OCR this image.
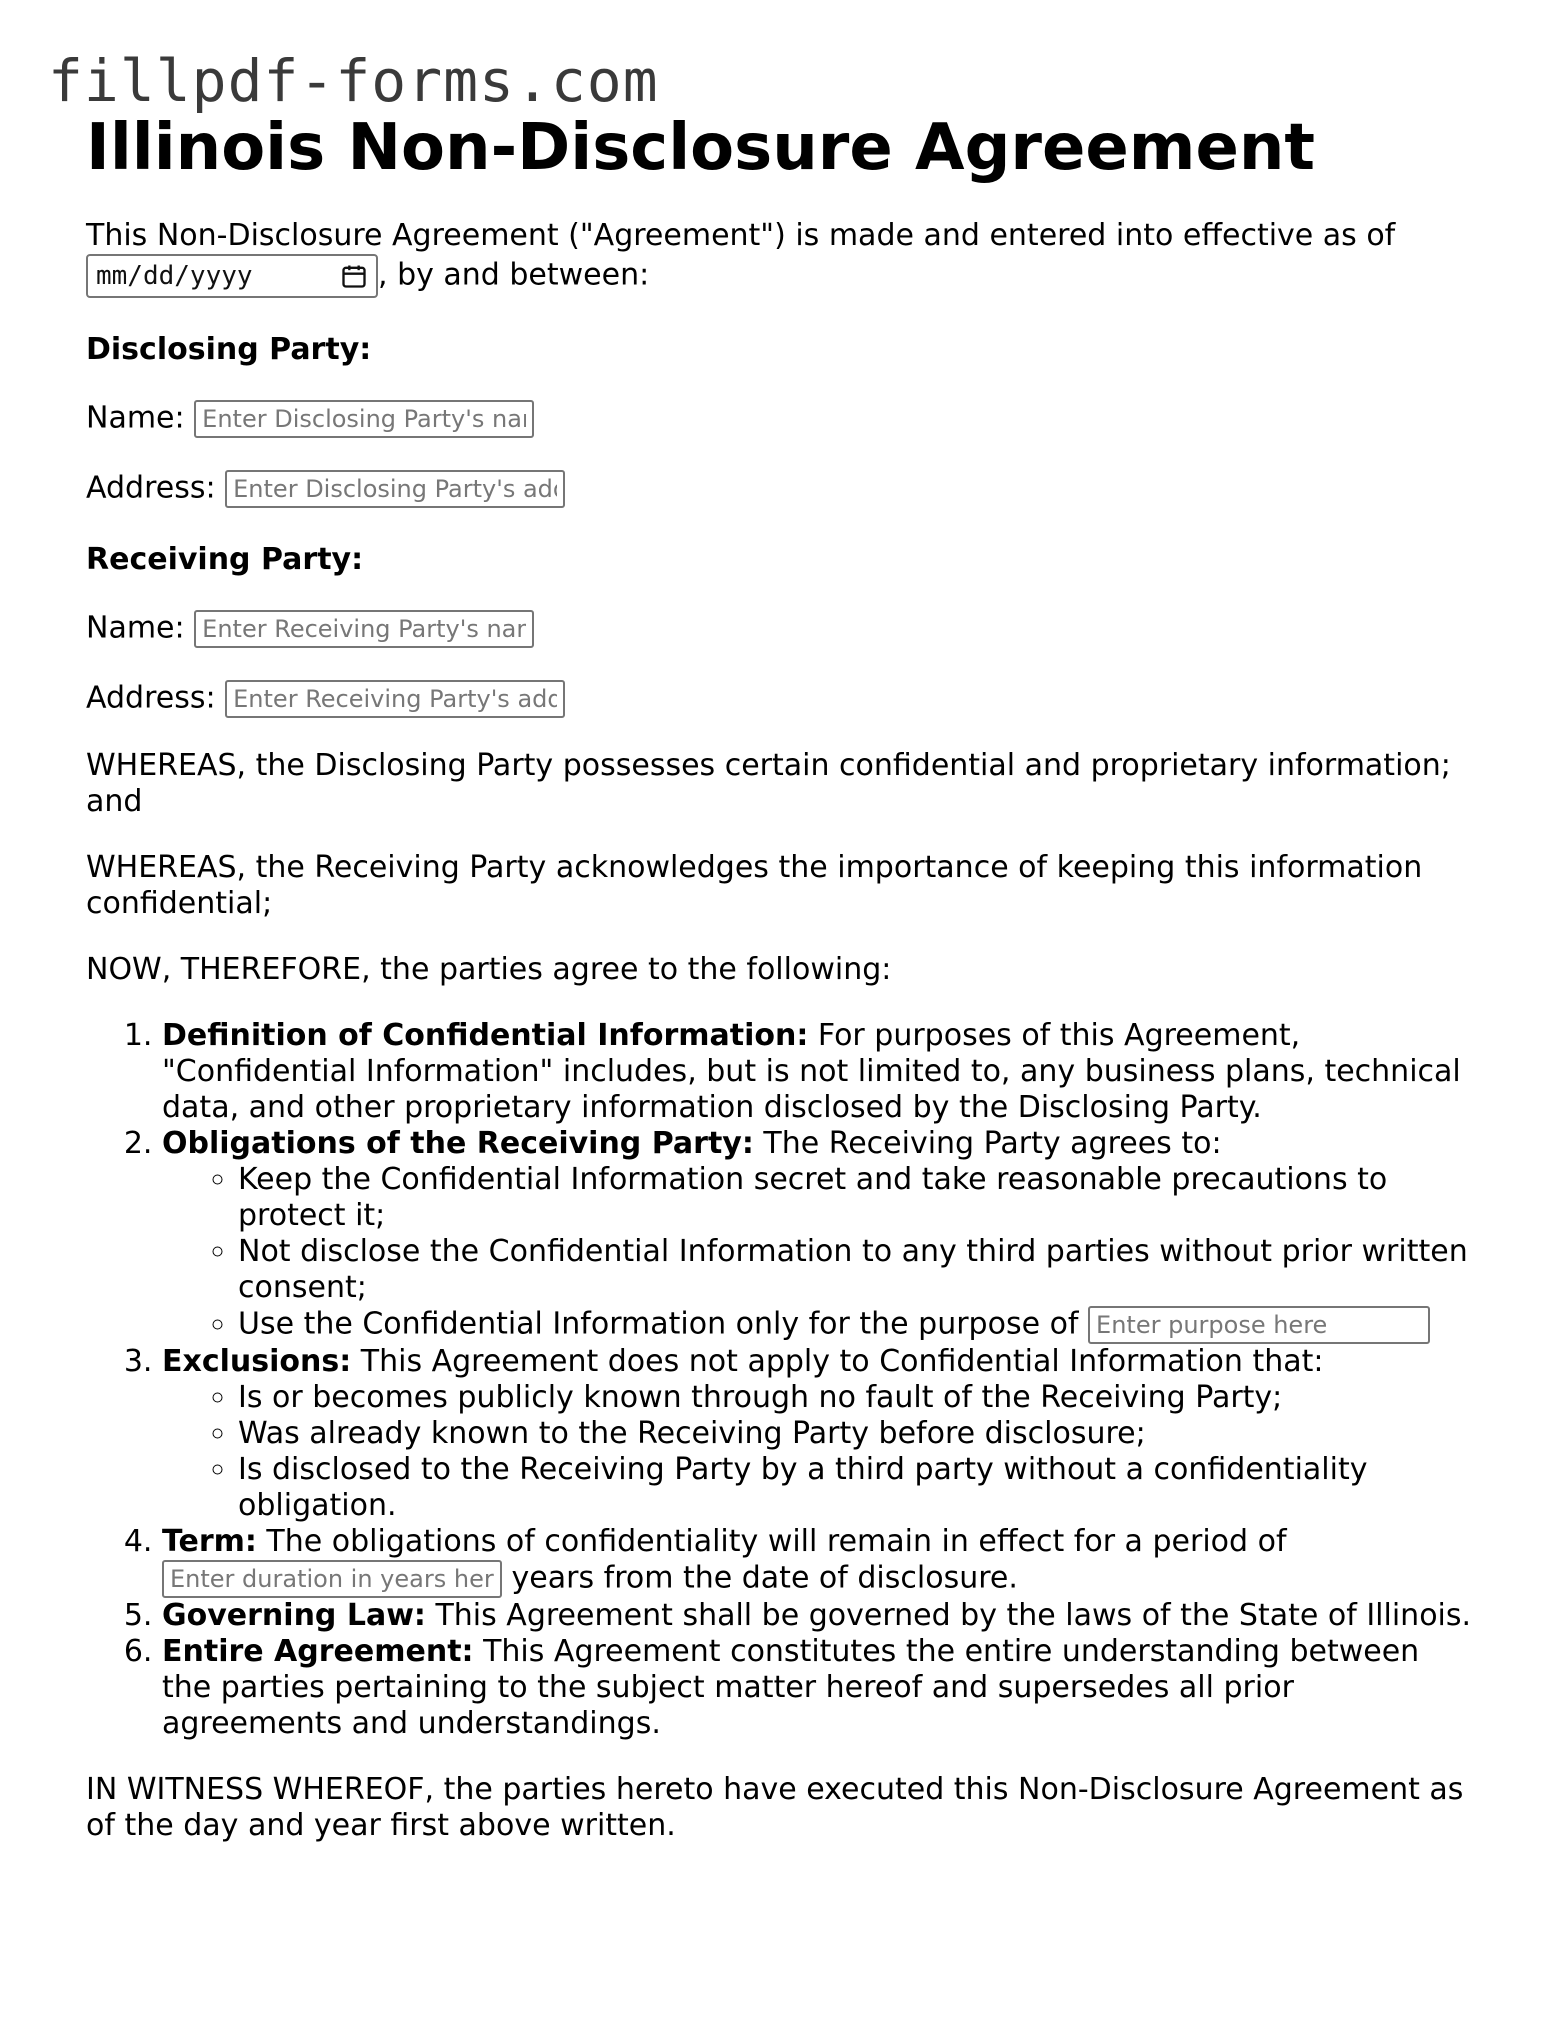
fillpdf-forms.com
Illinois Non-Disclosure Agreement

This Non-Disclosure Agreement ("Agreement") is made and entered into effective as of

mm/dd/yyyy	, by and between:

Disclosing Party:

Name: Enter Disclosing Party's name

Address: Enter Disclosing Party's address

Receiving Party:

Name: Enter Receiving Party's name

Address: Enter Receiving Party's address

WHEREAS, the Disclosing Party possesses certain confidential and proprietary information; and

WHEREAS, the Receiving Party acknowledges the importance of keeping this information confidential;

NOW, THEREFORE, the parties agree to the following:

1. Definition of Confidential Information: For purposes of this Agreement, "Confidential Information" includes, but is not limited to, any business plans, technical data, and other proprietary information disclosed by the Disclosing Party.
2. Obligations of the Receiving Party: The Receiving Party agrees to:
◦ Keep the Confidential Information secret and take reasonable precautions to protect it;
◦ Not disclose the Confidential Information to any third parties without prior written consent;
◦ Use the Confidential Information only for the purpose of Enter purpose here
3. Exclusions: This Agreement does not apply to Confidential Information that:
◦ Is or becomes publicly known through no fault of the Receiving Party;
◦ Was already known to the Receiving Party before disclosure;
◦ Is disclosed to the Receiving Party by a third party without a confidentiality obligation.
4. Term: The obligations of confidentiality will remain in effect for a period of
Enter duration in years here years from the date of disclosure.
5. Governing Law: This Agreement shall be governed by the laws of the State of Illinois.
6. Entire Agreement: This Agreement constitutes the entire understanding between the parties pertaining to the subject matter hereof and supersedes all prior agreements and understandings.

IN WITNESS WHEREOF, the parties hereto have executed this Non-Disclosure Agreement as of the day and year first above written.
